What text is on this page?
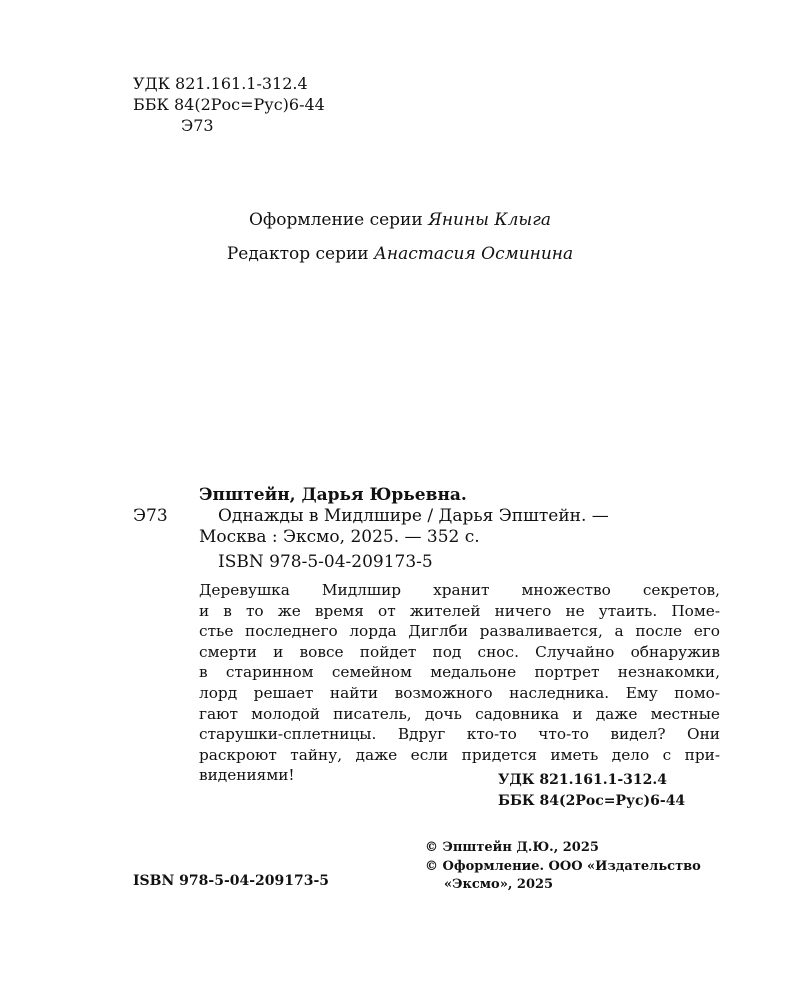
УДК 821.161.1-312.4
ББК 84(2Рос=Рус)6-44
Э73
Оформление серии Янины Клыга
Редактор серии Анастасия Осминина
Эпштейн, Дарья Юрьевна.
Э73	Однажды в Мидлшире / Дарья Эпштейн. —
Москва : Эксмо, 2025. — 352 с.
ISBN 978-5-04-209173-5
Деревушка Мидлшир хранит множество секретов,
и в то же время от жителей ничего не утаить. Поме-
стье последнего лорда Диглби разваливается, а после его
смерти и вовсе пойдет под снос. Случайно обнаружив
в старинном семейном медальоне портрет незнакомки,
лорд решает найти возможного наследника. Ему помо-
гают молодой писатель, дочь садовника и даже местные
старушки-сплетницы. Вдруг кто-то что-то видел? Они
раскроют тайну, даже если придется иметь дело с при-
видениями!	УДК 821.161.1-312.4
ББК 84(2Рос=Рус)6-44
© Эпштейн Д.Ю., 2025
© Оформление. ООО «Издательство
«Эксмо», 2025
ISBN 978-5-04-209173-5
